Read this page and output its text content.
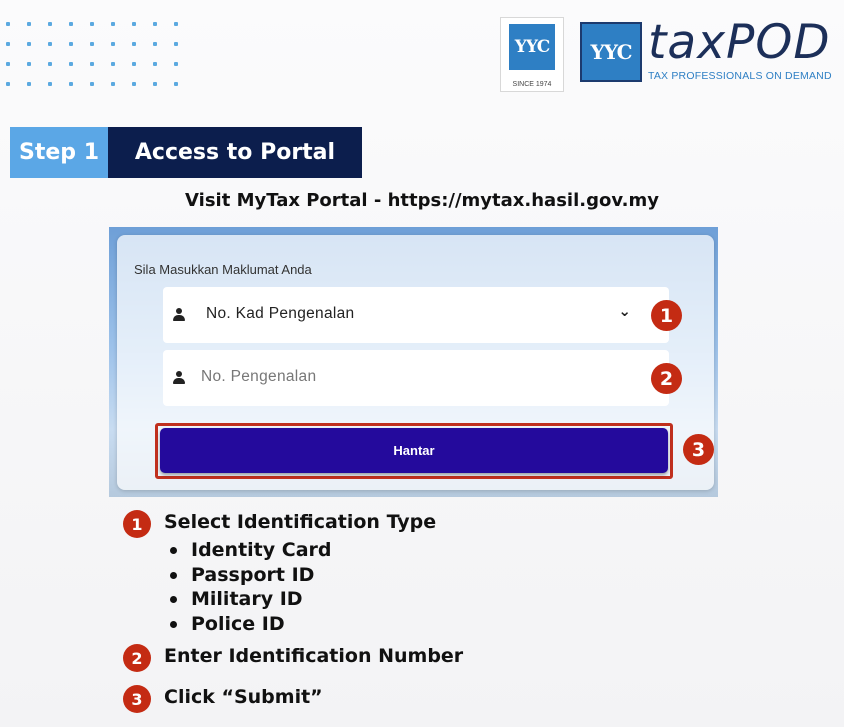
YYC
SINCE 1974
YYC taxPOD
TAX PROFESSIONALS ON DEMAND
Step 1	Access to Portal
Visit MyTax Portal - https://mytax.hasil.gov.my
Sila Masukkan Maklumat Anda
No. Kad Pengenalan	⌄
No. Pengenalan
Hantar
1
2
3
1	Select Identification Type
Identity Card
Passport ID
Military ID
Police ID
2	Enter Identification Number
3	Click “Submit”
